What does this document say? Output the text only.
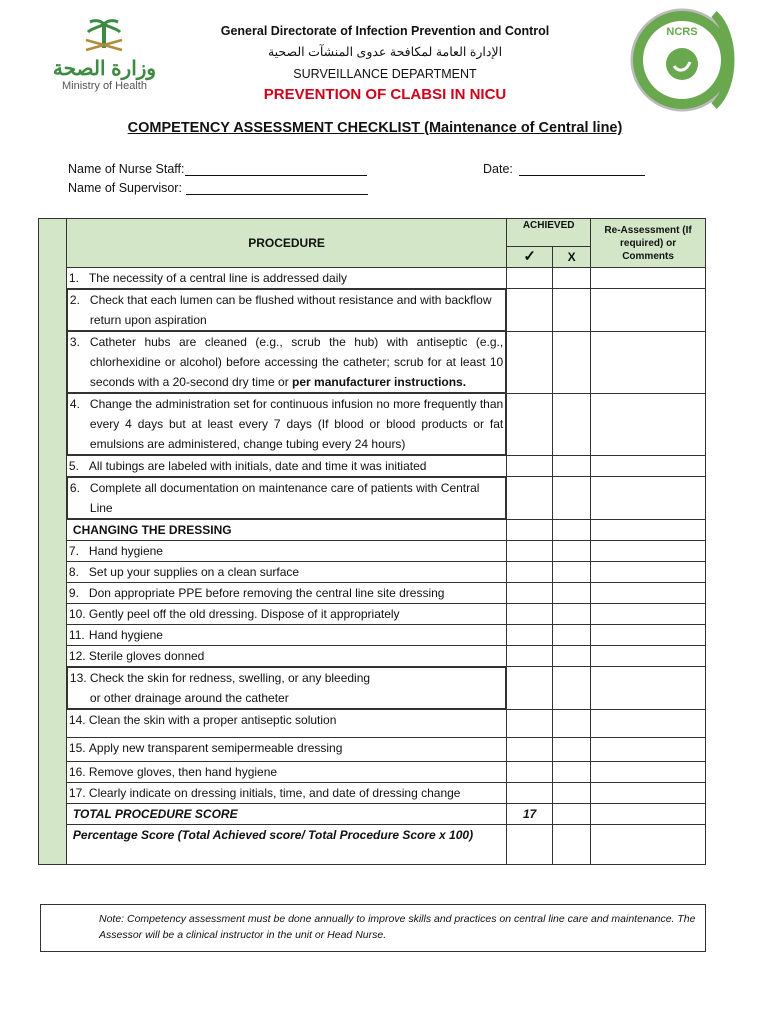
وزارة الصحة
Ministry of Health
General Directorate of Infection Prevention and Control
الإدارة العامة لمكافحة عدوى المنشآت الصحية
SURVEILLANCE DEPARTMENT
PREVENTION OF CLABSI IN NICU
NCRS
COMPETENCY ASSESSMENT CHECKLIST (Maintenance of Central line)
Name of Nurse Staff:
Name of Supervisor:
Date:
	PROCEDURE	ACHIEVED		Re-Assessment (If required) or Comments
		✓	X	
	1. The necessity of a central line is addressed daily			

2. Check that each lumen can be flushed without resistance and with backflow return upon aspiration

3. Catheter hubs are cleaned (e.g., scrub the hub) with antiseptic (e.g., chlorhexidine or alcohol) before accessing the catheter; scrub for at least 10 seconds with a 20-second dry time or per manufacturer instructions.

4. Change the administration set for continuous infusion no more frequently than every 4 days but at least every 7 days (If blood or blood products or fat emulsions are administered, change tubing every 24 hours)

	5. All tubings are labeled with initials, date and time it was initiated			

6. Complete all documentation on maintenance care of patients with Central Line

	CHANGING THE DRESSING			
	7. Hand hygiene			
	8. Set up your supplies on a clean surface			
	9. Don appropriate PPE before removing the central line site dressing			
	10. Gently peel off the old dressing. Dispose of it appropriately			
	11. Hand hygiene			
	12. Sterile gloves donned			

13. Check the skin for redness, swelling, or any bleeding or other drainage around the catheter

	14. Clean the skin with a proper antiseptic solution			
	15. Apply new transparent semipermeable dressing			
	16. Remove gloves, then hand hygiene			
	17. Clearly indicate on dressing initials, time, and date of dressing change			
	TOTAL PROCEDURE SCORE	17		
	Percentage Score (Total Achieved score/ Total Procedure Score x 100)			
Note: Competency assessment must be done annually to improve skills and practices on central line care and maintenance. The Assessor will be a clinical instructor in the unit or Head Nurse.
